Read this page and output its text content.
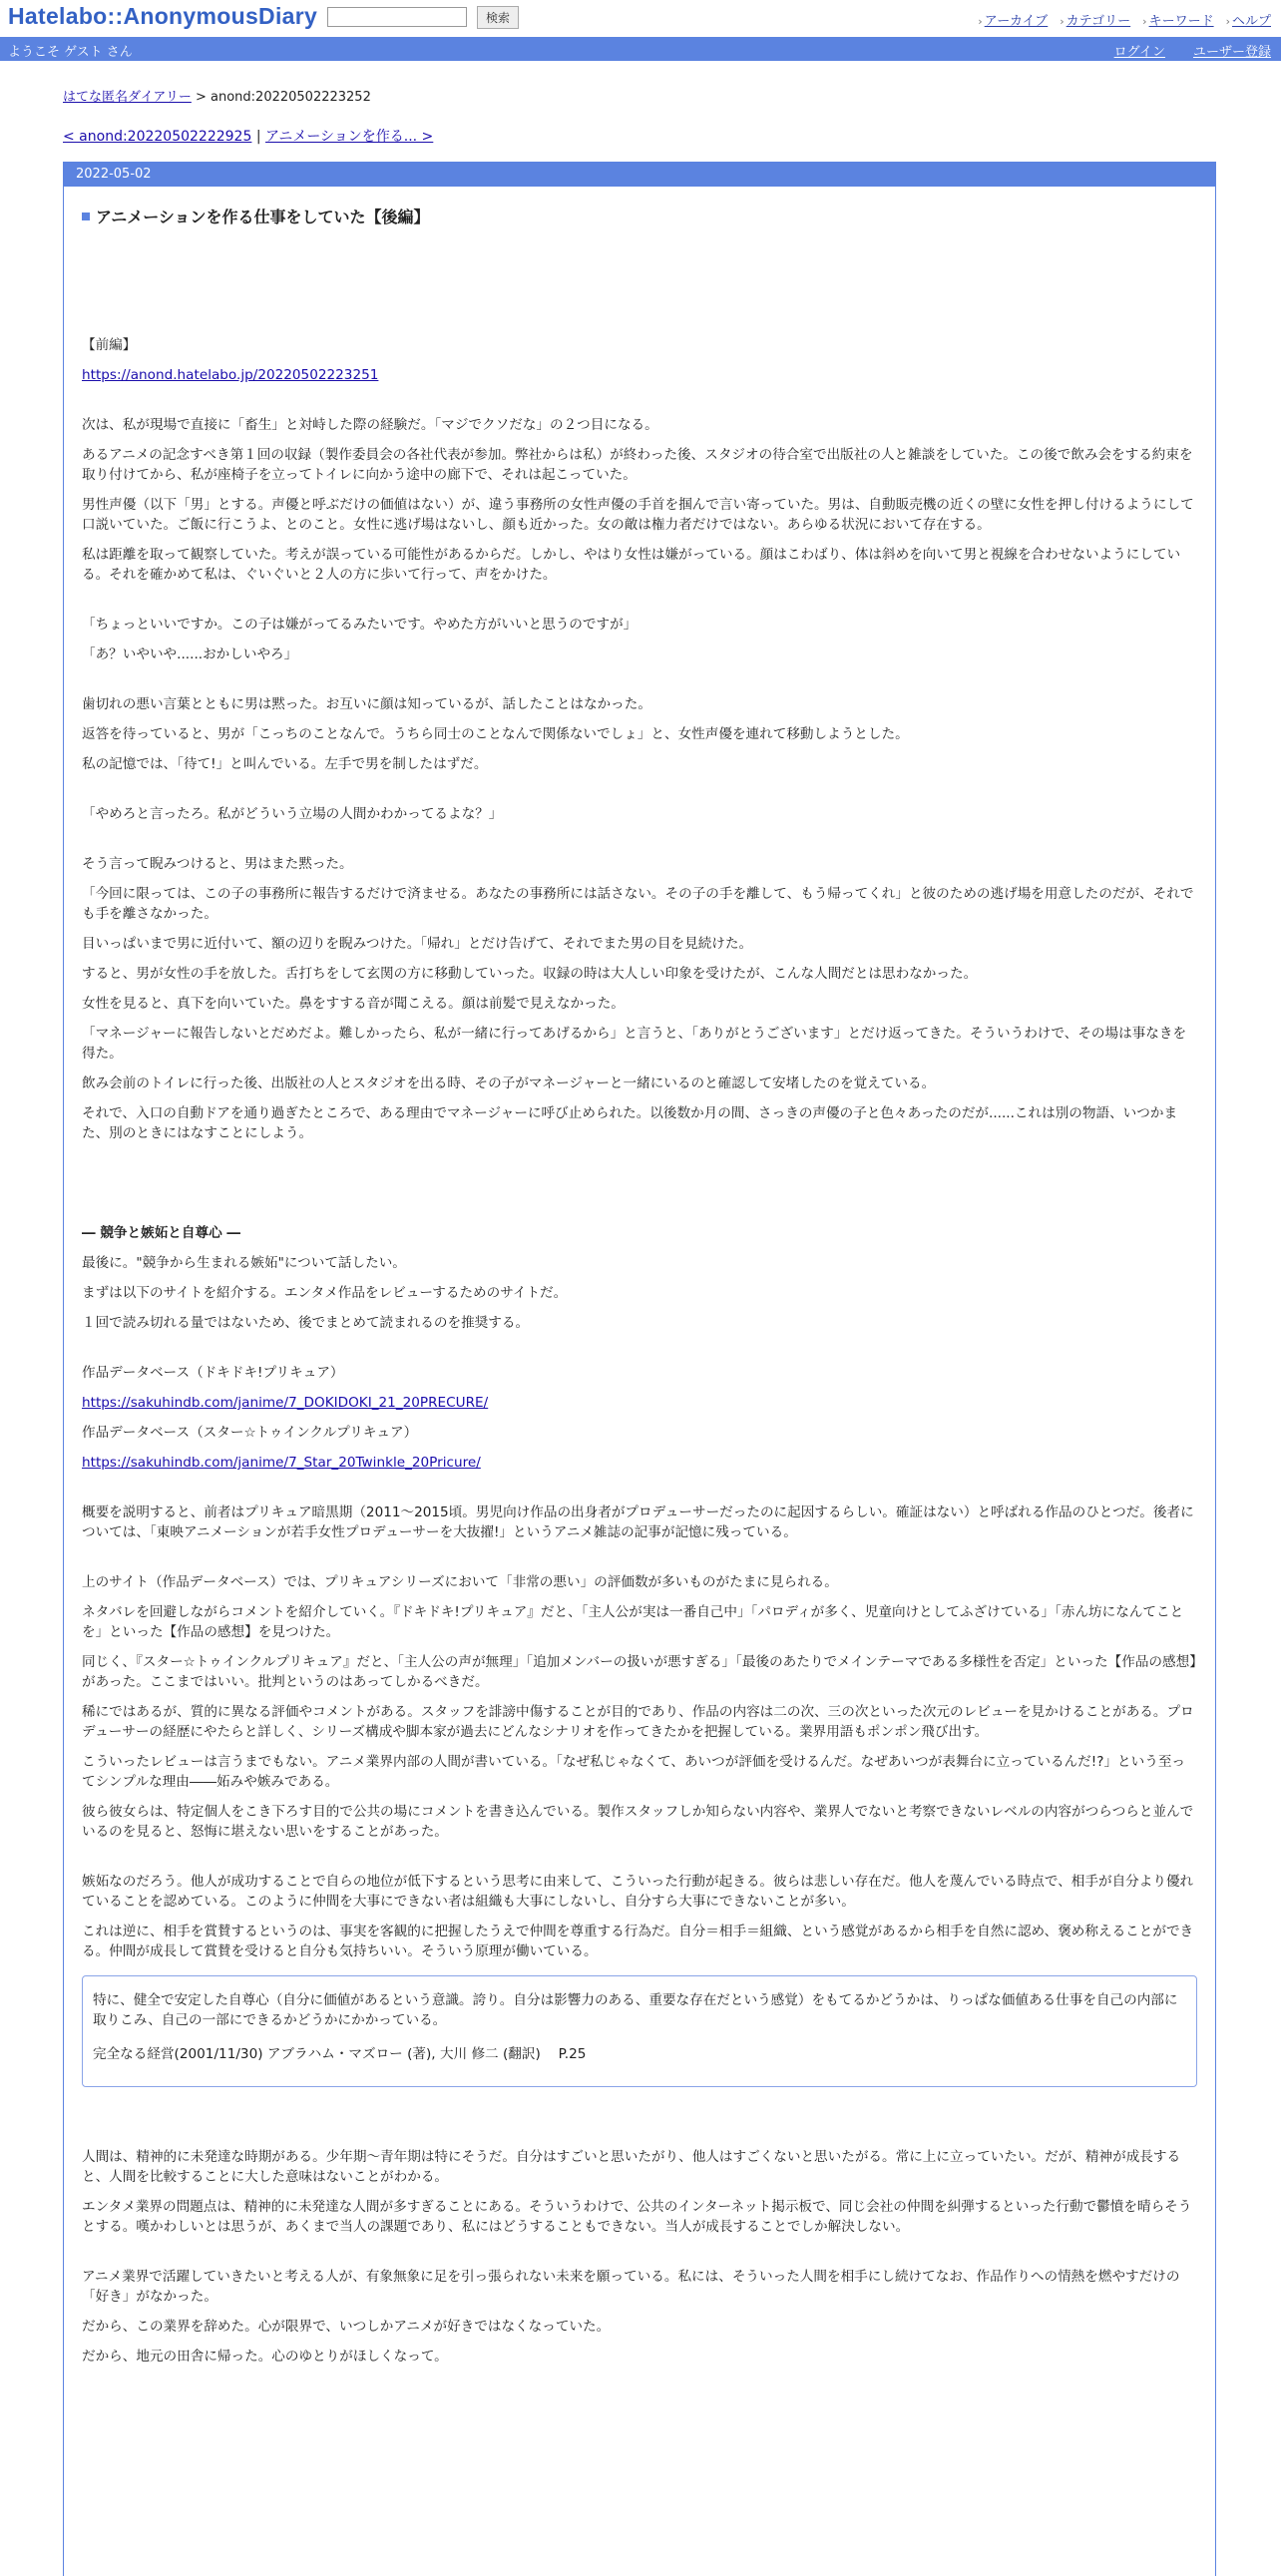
Hatelabo::AnonymousDiary	検索	› アーカイブ › カテゴリー › キーワード › ヘルプ
ようこそ ゲスト さん	ログイン ユーザー登録
はてな匿名ダイアリー > anond:20220502223252
< anond:20220502222925 | アニメーションを作る... >
2022-05-02
アニメーションを作る仕事をしていた【後編】

【前編】

https://anond.hatelabo.jp/20220502223251

次は、私が現場で直接に「畜生」と対峙した際の経験だ。「マジでクソだな」の２つ目になる。

あるアニメの記念すべき第１回の収録（製作委員会の各社代表が参加。弊社からは私）が終わった後、スタジオの待合室で出版社の人と雑談をしていた。この後で飲み会をする約束を取り付けてから、私が座椅子を立ってトイレに向かう途中の廊下で、それは起こっていた。

男性声優（以下「男」とする。声優と呼ぶだけの価値はない）が、違う事務所の女性声優の手首を掴んで言い寄っていた。男は、自動販売機の近くの壁に女性を押し付けるようにして口説いていた。ご飯に行こうよ、とのこと。女性に逃げ場はないし、顔も近かった。女の敵は権力者だけではない。あらゆる状況において存在する。

私は距離を取って観察していた。考えが誤っている可能性があるからだ。しかし、やはり女性は嫌がっている。顔はこわばり、体は斜めを向いて男と視線を合わせないようにしている。それを確かめて私は、ぐいぐいと２人の方に歩いて行って、声をかけた。

「ちょっといいですか。この子は嫌がってるみたいです。やめた方がいいと思うのですが」

「あ？いやいや......おかしいやろ」

歯切れの悪い言葉とともに男は黙った。お互いに顔は知っているが、話したことはなかった。

返答を待っていると、男が「こっちのことなんで。うちら同士のことなんで関係ないでしょ」と、女性声優を連れて移動しようとした。

私の記憶では、「待て!」と叫んでいる。左手で男を制したはずだ。

「やめろと言ったろ。私がどういう立場の人間かわかってるよな？」

そう言って睨みつけると、男はまた黙った。

「今回に限っては、この子の事務所に報告するだけで済ませる。あなたの事務所には話さない。その子の手を離して、もう帰ってくれ」と彼のための逃げ場を用意したのだが、それでも手を離さなかった。

目いっぱいまで男に近付いて、額の辺りを睨みつけた。「帰れ」とだけ告げて、それでまた男の目を見続けた。

すると、男が女性の手を放した。舌打ちをして玄関の方に移動していった。収録の時は大人しい印象を受けたが、こんな人間だとは思わなかった。

女性を見ると、真下を向いていた。鼻をすする音が聞こえる。顔は前髪で見えなかった。

「マネージャーに報告しないとだめだよ。難しかったら、私が一緒に行ってあげるから」と言うと、「ありがとうございます」とだけ返ってきた。そういうわけで、その場は事なきを得た。

飲み会前のトイレに行った後、出版社の人とスタジオを出る時、その子がマネージャーと一緒にいるのと確認して安堵したのを覚えている。

それで、入口の自動ドアを通り過ぎたところで、ある理由でマネージャーに呼び止められた。以後数か月の間、さっきの声優の子と色々あったのだが......これは別の物語、いつかまた、別のときにはなすことにしよう。

― 競争と嫉妬と自尊心 ―

最後に。"競争から生まれる嫉妬"について話したい。

まずは以下のサイトを紹介する。エンタメ作品をレビューするためのサイトだ。

１回で読み切れる量ではないため、後でまとめて読まれるのを推奨する。

作品データベース（ドキドキ!プリキュア）

https://sakuhindb.com/janime/7_DOKIDOKI_21_20PRECURE/

作品データベース（スター☆トゥインクルプリキュア）

https://sakuhindb.com/janime/7_Star_20Twinkle_20Pricure/

概要を説明すると、前者はプリキュア暗黒期（2011～2015頃。男児向け作品の出身者がプロデューサーだったのに起因するらしい。確証はない）と呼ばれる作品のひとつだ。後者については、「東映アニメーションが若手女性プロデューサーを大抜擢!」というアニメ雑誌の記事が記憶に残っている。

上のサイト（作品データベース）では、プリキュアシリーズにおいて「非常の悪い」の評価数が多いものがたまに見られる。

ネタバレを回避しながらコメントを紹介していく。『ドキドキ!プリキュア』だと、「主人公が実は一番自己中」「パロディが多く、児童向けとしてふざけている」「赤ん坊になんてことを」といった【作品の感想】を見つけた。

同じく、『スター☆トゥインクルプリキュア』だと、「主人公の声が無理」「追加メンバーの扱いが悪すぎる」「最後のあたりでメインテーマである多様性を否定」といった【作品の感想】があった。ここまではいい。批判というのはあってしかるべきだ。

稀にではあるが、質的に異なる評価やコメントがある。スタッフを誹謗中傷することが目的であり、作品の内容は二の次、三の次といった次元のレビューを見かけることがある。プロデューサーの経歴にやたらと詳しく、シリーズ構成や脚本家が過去にどんなシナリオを作ってきたかを把握している。業界用語もポンポン飛び出す。

こういったレビューは言うまでもない。アニメ業界内部の人間が書いている。「なぜ私じゃなくて、あいつが評価を受けるんだ。なぜあいつが表舞台に立っているんだ!?」という至ってシンプルな理由――妬みや嫉みである。

彼ら彼女らは、特定個人をこき下ろす目的で公共の場にコメントを書き込んでいる。製作スタッフしか知らない内容や、業界人でないと考察できないレベルの内容がつらつらと並んでいるのを見ると、怒悔に堪えない思いをすることがあった。

嫉妬なのだろう。他人が成功することで自らの地位が低下するという思考に由来して、こういった行動が起きる。彼らは悲しい存在だ。他人を蔑んでいる時点で、相手が自分より優れていることを認めている。このように仲間を大事にできない者は組織も大事にしないし、自分すら大事にできないことが多い。

これは逆に、相手を賞賛するというのは、事実を客観的に把握したうえで仲間を尊重する行為だ。自分＝相手＝組織、という感覚があるから相手を自然に認め、褒め称えることができる。仲間が成長して賞賛を受けると自分も気持ちいい。そういう原理が働いている。

特に、健全で安定した自尊心（自分に価値があるという意識。誇り。自分は影響力のある、重要な存在だという感覚）をもてるかどうかは、りっぱな価値ある仕事を自己の内部に取りこみ、自己の一部にできるかどうかにかかっている。

完全なる経営(2001/11/30) アブラハム・マズロー (著), 大川 修二 (翻訳)　 P.25

人間は、精神的に未発達な時期がある。少年期～青年期は特にそうだ。自分はすごいと思いたがり、他人はすごくないと思いたがる。常に上に立っていたい。だが、精神が成長すると、人間を比較することに大した意味はないことがわかる。

エンタメ業界の問題点は、精神的に未発達な人間が多すぎることにある。そういうわけで、公共のインターネット掲示板で、同じ会社の仲間を糾弾するといった行動で鬱憤を晴らそうとする。嘆かわしいとは思うが、あくまで当人の課題であり、私にはどうすることもできない。当人が成長することでしか解決しない。

アニメ業界で活躍していきたいと考える人が、有象無象に足を引っ張られない未来を願っている。私には、そういった人間を相手にし続けてなお、作品作りへの情熱を燃やすだけの「好き」がなかった。

だから、この業界を辞めた。心が限界で、いつしかアニメが好きではなくなっていた。

だから、地元の田舎に帰った。心のゆとりがほしくなって。
